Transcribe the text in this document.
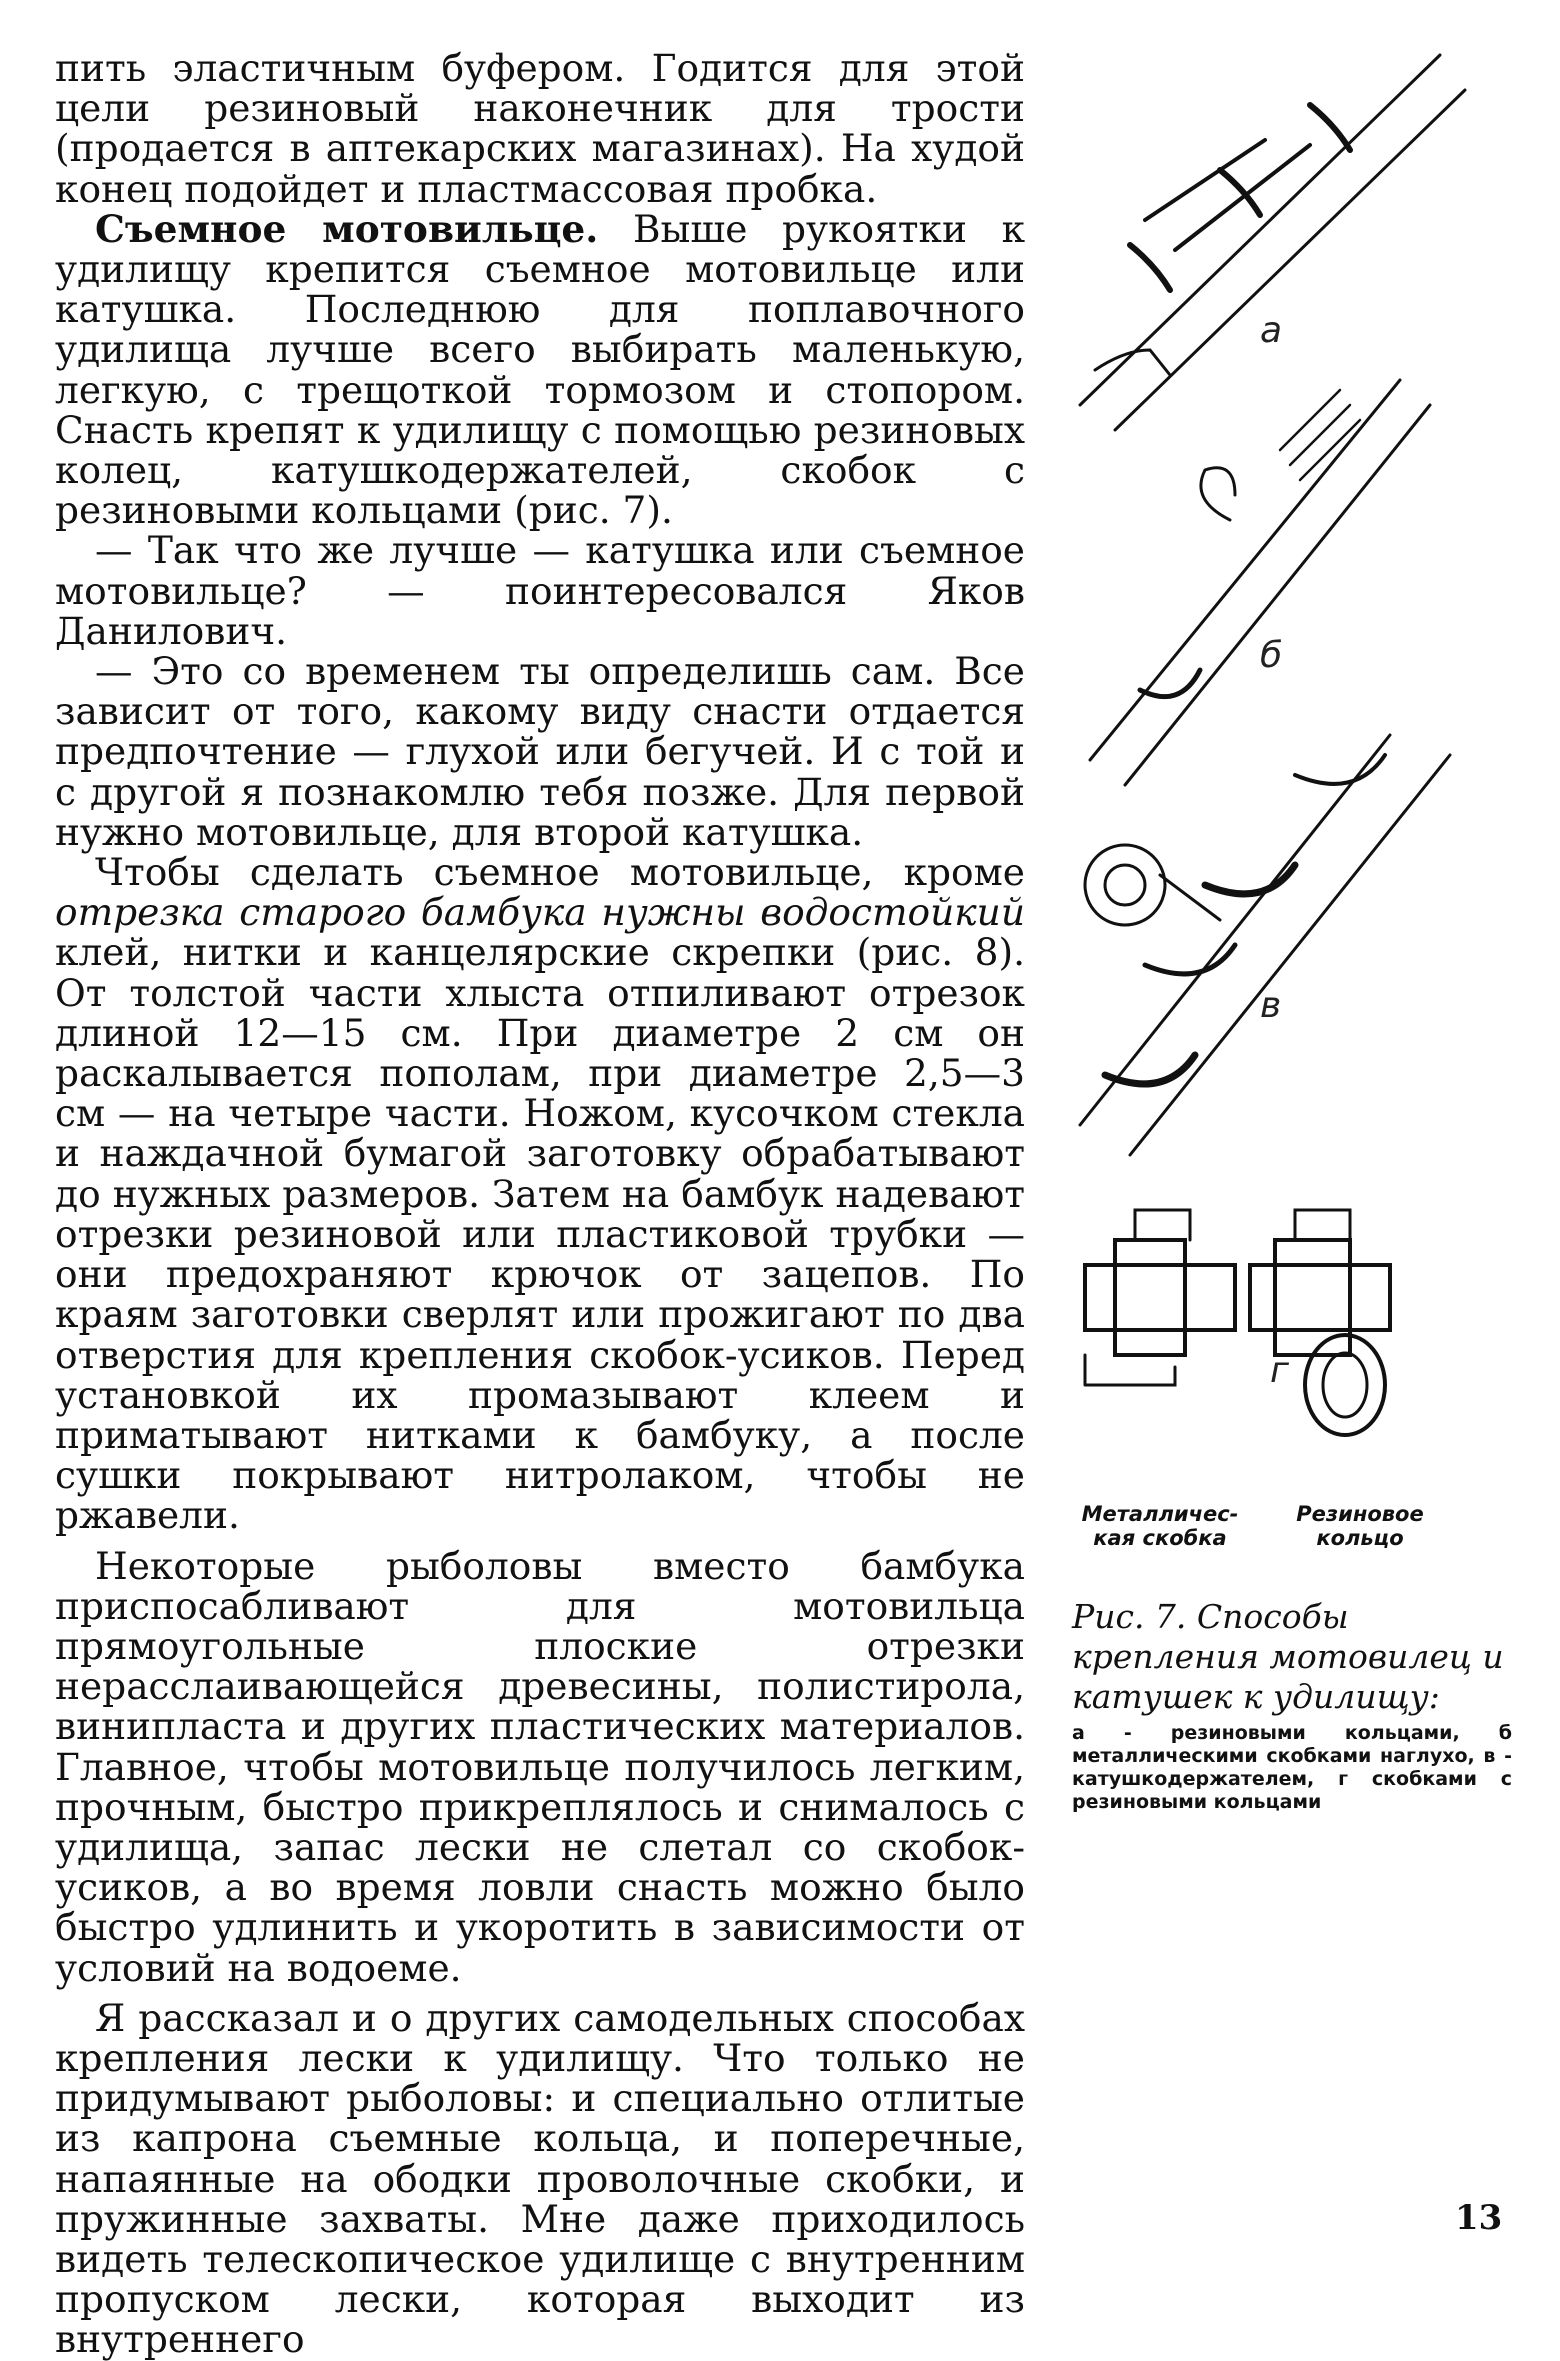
пить эластичным буфером. Годится для этой цели резиновый наконечник для трости (продается в аптекарских магазинах). На худой конец подойдет и пластмассовая пробка.

Съемное мотовильце. Выше рукоятки к удилищу крепится съемное мотовильце или катушка. Последнюю для поплавочного удилища лучше всего выбирать маленькую, легкую, с трещоткой тормозом и стопором. Снасть крепят к удилищу с помощью резиновых колец, катушкодержателей, скобок с резиновыми кольцами (рис. 7).

— Так что же лучше — катушка или съемное мотовильце? — поинтересовался Яков Данилович.

— Это со временем ты определишь сам. Все зависит от того, какому виду снасти отдается предпочтение — глухой или бегучей. И с той и с другой я познакомлю тебя позже. Для первой нужно мотовильце, для второй катушка.

Чтобы сделать съемное мотовильце, кроме отрезка старого бамбука нужны водостойкий клей, нитки и канцелярские скрепки (рис. 8). От толстой части хлыста отпиливают отрезок длиной 12—15 см. При диаметре 2 см он раскалывается пополам, при диаметре 2,5—3 см — на четыре части. Ножом, кусочком стекла и наждачной бумагой заготовку обрабатывают до нужных размеров. Затем на бамбук надевают отрезки резиновой или пластиковой трубки — они предохраняют крючок от зацепов. По краям заготовки сверлят или прожигают по два отверстия для крепления скобок-усиков. Перед установкой их промазывают клеем и приматывают нитками к бамбуку, а после сушки покрывают нитролаком, чтобы не ржавели.

Некоторые рыболовы вместо бамбука приспосабливают для мотовильца прямоугольные плоские отрезки нерасслаивающейся древесины, полистирола, винипласта и других пластических материалов. Главное, чтобы мотовильце получилось легким, прочным, быстро прикреплялось и снималось с удилища, запас лески не слетал со скобок-усиков, а во время ловли снасть можно было быстро удлинить и укоротить в зависимости от условий на водоеме.

Я рассказал и о других самодельных способах крепления лески к удилищу. Что только не придумывают рыболовы: и специально отлитые из капрона съемные кольца, и поперечные, напаянные на ободки проволочные скобки, и пружинные захваты. Мне даже приходилось видеть телескопическое удилище с внутренним пропуском лески, которая выходит из внутреннего

а
б
в
г
Металличес-
кая скобка
Резиновое
кольцо
Рис. 7. Способы крепления мотовилец и катушек к удилищу:
а - резиновыми кольцами, б металлическими скобками наглухо, в - катушкодержателем, г скобками с резиновыми кольцами
13
